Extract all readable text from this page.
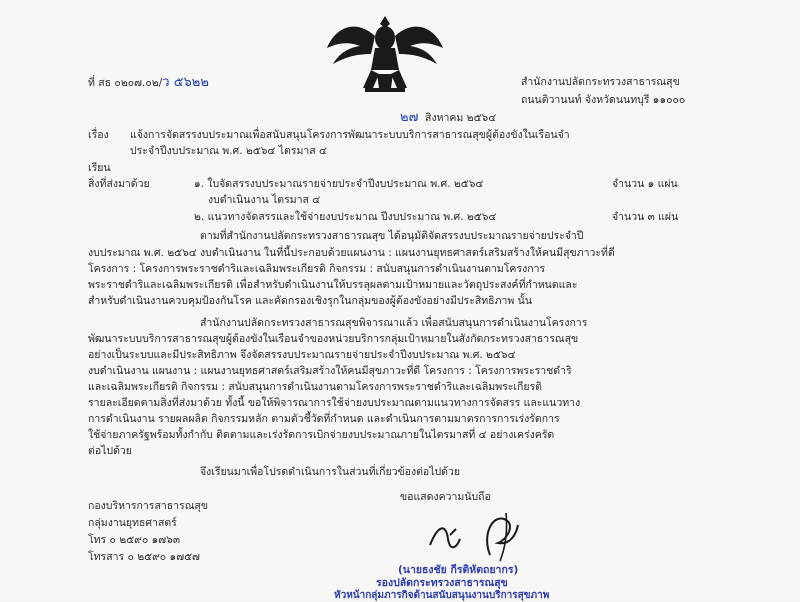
ที่ สธ ๐๒๐๗.๐๒/ว ๕๖๒๒	สำนักงานปลัดกระทรวงสาธารณสุข
ถนนติวานนท์ จังหวัดนนทบุรี ๑๑๐๐๐
๒๗ สิงหาคม ๒๕๖๔
เรื่อง แจ้งการจัดสรรงบประมาณเพื่อสนับสนุนโครงการพัฒนาระบบบริการสาธารณสุขผู้ต้องขังในเรือนจำ
ประจำปีงบประมาณ พ.ศ. ๒๕๖๔ ไตรมาส ๔
เรียน
สิ่งที่ส่งมาด้วย	๑. ใบจัดสรรงบประมาณรายจ่ายประจำปีงบประมาณ พ.ศ. ๒๕๖๔	จำนวน ๑ แผ่น
งบดำเนินงาน ไตรมาส ๔
๒. แนวทางจัดสรรและใช้จ่ายงบประมาณ ปีงบประมาณ พ.ศ. ๒๕๖๔	จำนวน ๓ แผ่น
ตามที่สำนักงานปลัดกระทรวงสาธารณสุข ได้อนุมัติจัดสรรงบประมาณรายจ่ายประจำปี
งบประมาณ พ.ศ. ๒๕๖๔ งบดำเนินงาน ในที่นี้ประกอบด้วยแผนงาน : แผนงานยุทธศาสตร์เสริมสร้างให้คนมีสุขภาวะที่ดี
โครงการ : โครงการพระราชดำริและเฉลิมพระเกียรติ กิจกรรม : สนับสนุนการดำเนินงานตามโครงการ
พระราชดำริและเฉลิมพระเกียรติ เพื่อสำหรับดำเนินงานให้บรรลุผลตามเป้าหมายและวัตถุประสงค์ที่กำหนดและ
สำหรับดำเนินงานควบคุมป้องกันโรค และคัดกรองเชิงรุกในกลุ่มของผู้ต้องขังอย่างมีประสิทธิภาพ นั้น
สำนักงานปลัดกระทรวงสาธารณสุขพิจารณาแล้ว เพื่อสนับสนุนการดำเนินงานโครงการ
พัฒนาระบบบริการสาธารณสุขผู้ต้องขังในเรือนจำของหน่วยบริการกลุ่มเป้าหมายในสังกัดกระทรวงสาธารณสุข
อย่างเป็นระบบและมีประสิทธิภาพ จึงจัดสรรงบประมาณรายจ่ายประจำปีงบประมาณ พ.ศ. ๒๕๖๔
งบดำเนินงาน แผนงาน : แผนงานยุทธศาสตร์เสริมสร้างให้คนมีสุขภาวะที่ดี โครงการ : โครงการพระราชดำริ
และเฉลิมพระเกียรติ กิจกรรม : สนับสนุนการดำเนินงานตามโครงการพระราชดำริและเฉลิมพระเกียรติ
รายละเอียดตามสิ่งที่ส่งมาด้วย ทั้งนี้ ขอให้พิจารณาการใช้จ่ายงบประมาณตามแนวทางการจัดสรร และแนวทาง
การดำเนินงาน รายผลผลิต กิจกรรมหลัก ตามตัวชี้วัดที่กำหนด และดำเนินการตามมาตรการการเร่งรัดการ
ใช้จ่ายภาครัฐพร้อมทั้งกำกับ ติดตามและเร่งรัดการเบิกจ่ายงบประมาณภายในไตรมาสที่ ๔ อย่างเคร่งครัด
ต่อไปด้วย
จึงเรียนมาเพื่อโปรดดำเนินการในส่วนที่เกี่ยวข้องต่อไปด้วย
ขอแสดงความนับถือ
(นายธงชัย กีรติหัตถยากร)
รองปลัดกระทรวงสาธารณสุข
หัวหน้ากลุ่มภารกิจด้านสนับสนุนงานบริการสุขภาพ
กองบริหารการสาธารณสุข
กลุ่มงานยุทธศาสตร์
โทร ๐ ๒๕๙๐ ๑๗๖๓
โทรสาร ๐ ๒๕๙๐ ๑๗๕๗
